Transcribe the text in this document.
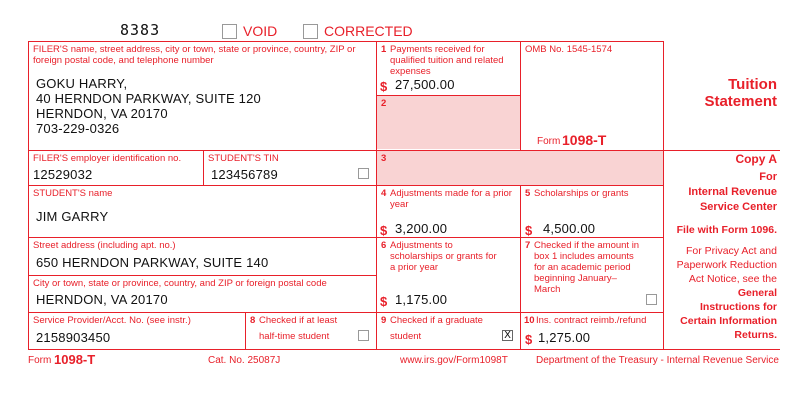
8383	VOID	CORRECTED
FILER'S name, street address, city or town, state or province, country, ZIP or foreign postal code, and telephone number
GOKU HARRY,
40 HERNDON PARKWAY, SUITE 120
HERNDON, VA 20170
703-229-0326
1 Payments received for qualified tuition and related expenses
$ 27,500.00
2
OMB No. 1545-1574
Form 1098-T
Tuition
Statement
FILER'S employer identification no.
12529032
STUDENT'S TIN
123456789
3
STUDENT'S name
JIM GARRY
4 Adjustments made for a prior year
$ 3,200.00
5 Scholarships or grants
$ 4,500.00
Street address (including apt. no.)
650 HERNDON PARKWAY, SUITE 140
City or town, state or province, country, and ZIP or foreign postal code
HERNDON, VA 20170
6 Adjustments to scholarships or grants for a prior year
$ 1,175.00
7 Checked if the amount in box 1 includes amounts for an academic period beginning January– March
Service Provider/Acct. No. (see instr.)
2158903450
8 Checked if at least
half-time student
9 Checked if a graduate
student	X
10 Ins. contract reimb./refund
$ 1,275.00
Copy A
For
Internal Revenue
Service Center
File with Form 1096.
For Privacy Act and
Paperwork Reduction
Act Notice, see the
General
Instructions for
Certain Information
Returns.
Form 1098-T	Cat. No. 25087J	www.irs.gov/Form1098T	Department of the Treasury - Internal Revenue Service
